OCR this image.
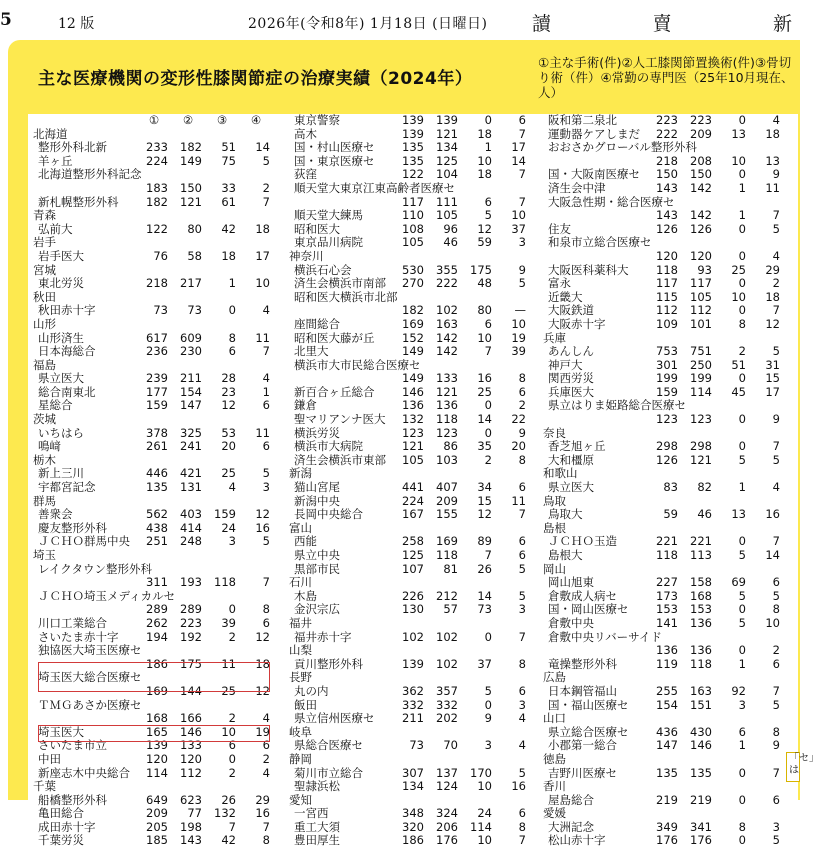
5	12 版	2026年(令和8年) 1月18日 (日曜日) 讀	賣	新
主な医療機関の変形性膝関節症の治療実績（2024年）
①主な手術(件)②人工膝関節置換術(件)③骨切り術（件）④常勤の専門医（25年10月現在、人）
①	②	③	④
北海道
整形外科北新	233	182	51	14
羊ヶ丘	224	149	75	5
北海道整形外科記念
183	150	33	2
新札幌整形外科	182	121	61	7
青森
弘前大	122	80	42	18
岩手
岩手医大	76	58	18	17
宮城
東北労災	218	217	1	10
秋田
秋田赤十字	73	73	0	4
山形
山形済生	617	609	8	11
日本海総合	236	230	6	7
福島
県立医大	239	211	28	4
総合南東北	177	154	23	1
星総合	159	147	12	6
茨城
いちはら	378	325	53	11
鳴﨑	261	241	20	6
栃木
新上三川	446	421	25	5
宇都宮記念	135	131	4	3
群馬
善衆会	562	403	159	12
慶友整形外科	438	414	24	16
ＪＣＨＯ群馬中央	251	248	3	5
埼玉
レイクタウン整形外科
311	193	118	7
ＪＣＨＯ埼玉メディカルセ
289	289	0	8
川口工業総合	262	223	39	6
さいたま赤十字	194	192	2	12
独協医大埼玉医療セ
186	175	11	18
埼玉医大総合医療セ
169	144	25	12
ＴＭＧあさか医療セ
168	166	2	4
埼玉医大	165	146	10	19
さいたま市立	139	133	6	6
中田	120	120	0	2
新座志木中央総合	114	112	2	4
千葉
船橋整形外科	649	623	26	29
亀田総合	209	77	132	16
成田赤十字	205	198	7	7
千葉労災	185	143	42	8
東京警察	139	139	0	6
高木	139	121	18	7
国・村山医療セ	135	134	1	17
国・東京医療セ	135	125	10	14
荻窪	122	104	18	7
順天堂大東京江東高齢者医療セ
117	111	6	7
順天堂大練馬	110	105	5	10
昭和医大	108	96	12	37
東京品川病院	105	46	59	3
神奈川
横浜石心会	530	355	175	9
済生会横浜市南部	270	222	48	5
昭和医大横浜市北部
182	102	80	—
座間総合	169	163	6	10
昭和医大藤が丘	152	142	10	19
北里大	149	142	7	39
横浜市大市民総合医療セ
149	133	16	8
新百合ヶ丘総合	146	121	25	6
鎌倉	136	136	0	2
聖マリアンナ医大	132	118	14	22
横浜労災	123	123	0	9
横浜市大病院	121	86	35	20
済生会横浜市東部	105	103	2	8
新潟
猫山宮尾	441	407	34	6
新潟中央	224	209	15	11
長岡中央総合	167	155	12	7
富山
西能	258	169	89	6
県立中央	125	118	7	6
黒部市民	107	81	26	5
石川
木島	226	212	14	5
金沢宗広	130	57	73	3
福井
福井赤十字	102	102	0	7
山梨
貢川整形外科	139	102	37	8
長野
丸の内	362	357	5	6
飯田	332	332	0	3
県立信州医療セ	211	202	9	4
岐阜
県総合医療セ	73	70	3	4
静岡
菊川市立総合	307	137	170	5
聖隷浜松	134	124	10	16
愛知
一宮西	348	324	24	6
重工大須	320	206	114	8
豊田厚生	186	176	10	7
阪和第二泉北	223	223	0	4
運動器ケアしまだ	222	209	13	18
おおさかグローバル整形外科
218	208	10	13
国・大阪南医療セ	150	150	0	9
済生会中津	143	142	1	11
大阪急性期・総合医療セ
143	142	1	7
住友	126	126	0	5
和泉市立総合医療セ
120	120	0	4
大阪医科薬科大	118	93	25	29
富永	117	117	0	2
近畿大	115	105	10	18
大阪鉄道	112	112	0	7
大阪赤十字	109	101	8	12
兵庫
あんしん	753	751	2	5
神戸大	301	250	51	31
関西労災	199	199	0	15
兵庫医大	159	114	45	17
県立はりま姫路総合医療セ
123	123	0	9
奈良
香芝旭ヶ丘	298	298	0	7
大和橿原	126	121	5	5
和歌山
県立医大	83	82	1	4
鳥取
鳥取大	59	46	13	16
島根
ＪＣＨＯ玉造	221	221	0	7
島根大	118	113	5	14
岡山
岡山旭東	227	158	69	6
倉敷成人病セ	173	168	5	5
国・岡山医療セ	153	153	0	8
倉敷中央	141	136	5	10
倉敷中央リバーサイド
136	136	0	2
竜操整形外科	119	118	1	6
広島
日本鋼管福山	255	163	92	7
国・福山医療セ	154	151	3	5
山口
県立総合医療セ	436	430	6	8
小郡第一総合	147	146	1	9
徳島
吉野川医療セ	135	135	0	7
香川
屋島総合	219	219	0	6
愛媛
大洲記念	349	341	8	3
松山赤十字	176	176	0	5
「セ」は
